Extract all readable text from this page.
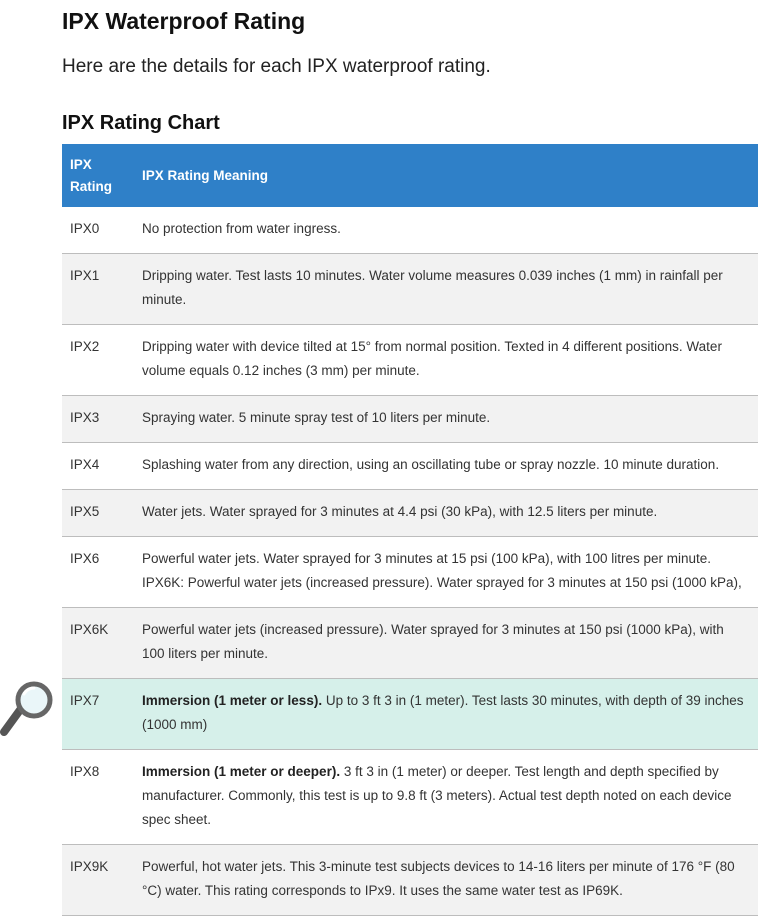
IPX Waterproof Rating

Here are the details for each IPX waterproof rating.

IPX Rating Chart
IPX Rating	IPX Rating Meaning
IPX0	No protection from water ingress.
IPX1	Dripping water. Test lasts 10 minutes. Water volume measures 0.039 inches (1 mm) in rainfall per minute.
IPX2	Dripping water with device tilted at 15° from normal position. Texted in 4 different positions. Water volume equals 0.12 inches (3 mm) per minute.
IPX3	Spraying water. 5 minute spray test of 10 liters per minute.
IPX4	Splashing water from any direction, using an oscillating tube or spray nozzle. 10 minute duration.
IPX5	Water jets. Water sprayed for 3 minutes at 4.4 psi (30 kPa), with 12.5 liters per minute.
IPX6	Powerful water jets. Water sprayed for 3 minutes at 15 psi (100 kPa), with 100 litres per minute. IPX6K: Powerful water jets (increased pressure). Water sprayed for 3 minutes at 150 psi (1000 kPa),
IPX6K	Powerful water jets (increased pressure). Water sprayed for 3 minutes at 150 psi (1000 kPa), with 100 liters per minute.
IPX7	Immersion (1 meter or less). Up to 3 ft 3 in (1 meter). Test lasts 30 minutes, with depth of 39 inches (1000 mm)
IPX8	Immersion (1 meter or deeper). 3 ft 3 in (1 meter) or deeper. Test length and depth specified by manufacturer. Commonly, this test is up to 9.8 ft (3 meters). Actual test depth noted on each device spec sheet.
IPX9K	Powerful, hot water jets. This 3-minute test subjects devices to 14-16 liters per minute of 176 °F (80 °C) water. This rating corresponds to IPx9. It uses the same water test as IP69K.
